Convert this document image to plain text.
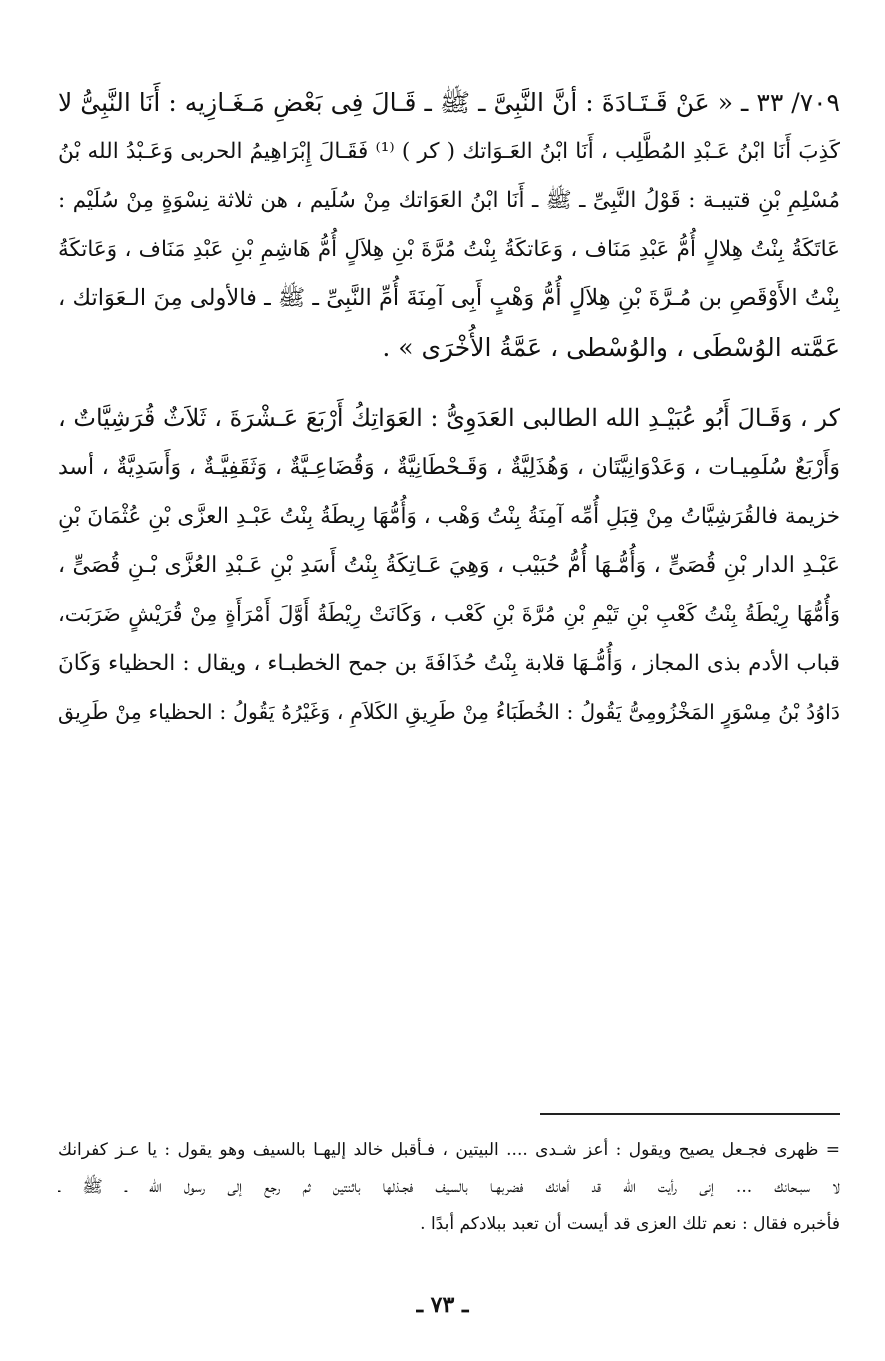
٧٠٩/ ٣٣ ـ « عَنْ قَـتَـادَةَ : أنَّ النَّبِىَّ ـ ﷺ ـ قَـالَ فِى بَعْضِ مَـغَـازِيه : أَنَا النَّبِىُّ لا
كَذِبَ أَنَا ابْنُ عَـبْدِ المُطَّلِب ، أَنَا ابْنُ العَـوَاتك ( كر ) ⁽¹⁾ فَقَـالَ إِبْرَاهِيمُ الحربى وَعَـبْدُ الله بْنُ
مُسْلِمِ بْنِ قتيبـة : قَوْلُ النَّبِىِّ ـ ﷺ ـ أَنَا ابْنُ العَوَاتك مِنْ سُلَيم ، هن ثلاثة نِسْوَةٍ مِنْ سُلَيْم :
عَاتَكَةُ بِنْتُ هِلالٍ أُمُّ عَبْدِ مَنَاف ، وَعَاتكَةُ بِنْتُ مُرَّةَ بْنِ هِلاَلٍ أُمُّ هَاشِمِ بْنِ عَبْدِ مَنَاف ، وَعَاتكَةُ
بِنْتُ الأَوْقَصِ بن مُـرَّةَ بْنِ هِلاَلٍ أُمُّ وَهْبٍ أَبِى آمِنَةَ أُمِّ النَّبِىِّ ـ ﷺ ـ فالأولى مِنَ الـعَوَاتك ،
عَمَّته الوُسْطَى ، والوُسْطى ، عَمَّةُ الأُخْرَى » .
كر ، وَقَـالَ أَبُو عُبَيْـدِ الله الطالبى العَدَوِىُّ : العَوَاتِكُ أَرْبَعَ عَـشْرَةَ ، ثَلاَثٌ قُرَشِيَّاتٌ ،
وَأَرْبَعٌ سُلَمِيـات ، وَعَدْوَانِيَّتَان ، وَهُذَلِيَّةٌ ، وَقَـحْطَانِيَّةٌ ، وَقُضَاعِـيَّةٌ ، وَثَقَفِيَّـةٌ ، وَأَسَدِيَّةٌ ، أسد
خزيمة فالقُرَشِيَّاتُ مِنْ قِبَلِ أُمِّه آمِنَةُ بِنْتُ وَهْب ، وَأُمُّهَا رِيطَةُ بِنْتُ عَبْـدِ العزَّى بْنِ عُثْمَانَ بْنِ
عَبْـدِ الدار بْنِ قُصَىٍّ ، وَأُمُّـهَا أُمُّ حُبَيْب ، وَهِيَ عَـاتِكَةُ بِنْتُ أَسَدِ بْنِ عَـبْدِ العُزَّى بْـنِ قُصَىٍّ ،
وَأُمُّهَا رِيْطَةُ بِنْتُ كَعْبِ بْنِ تَيْمِ بْنِ مُرَّةَ بْنِ كَعْب ، وَكَانَتْ رِيْطَةُ أَوَّلَ أَمْرَأَةٍ مِنْ قُرَيْشٍ ضَرَبَت،
قباب الأدم بذى المجاز ، وَأُمُّـهَا قلابة بِنْتُ حُذَافَةَ بن جمح الخطبـاء ، ويقال : الحظياء وَكَانَ
دَاوُدُ بْنُ مِسْوَرٍ المَخْزُومِىُّ يَقُولُ : الخُطَبَاءُ مِنْ طَرِيقِ الكَلاَمِ ، وَغَيْرُهُ يَقُولُ : الحظياء مِنْ طَرِيق
= ظهرى فجـعل يصيح ويقول : أعز شـدى .... البيتين ، فـأقبل خالد إليهـا بالسيف وهو يقول : يا عـز كفرانك
لا سبـحانك ... إنى رأيت الله قد أهانك فضربهـا بالسيف فجـذلها باثنتين ثم رجع إلى رسول الله ـ ﷺ ـ
فأخبره فقال : نعم تلك العزى قد أيست أن تعبد ببلادكم أبدًا .
ـ ٧٣ ـ
